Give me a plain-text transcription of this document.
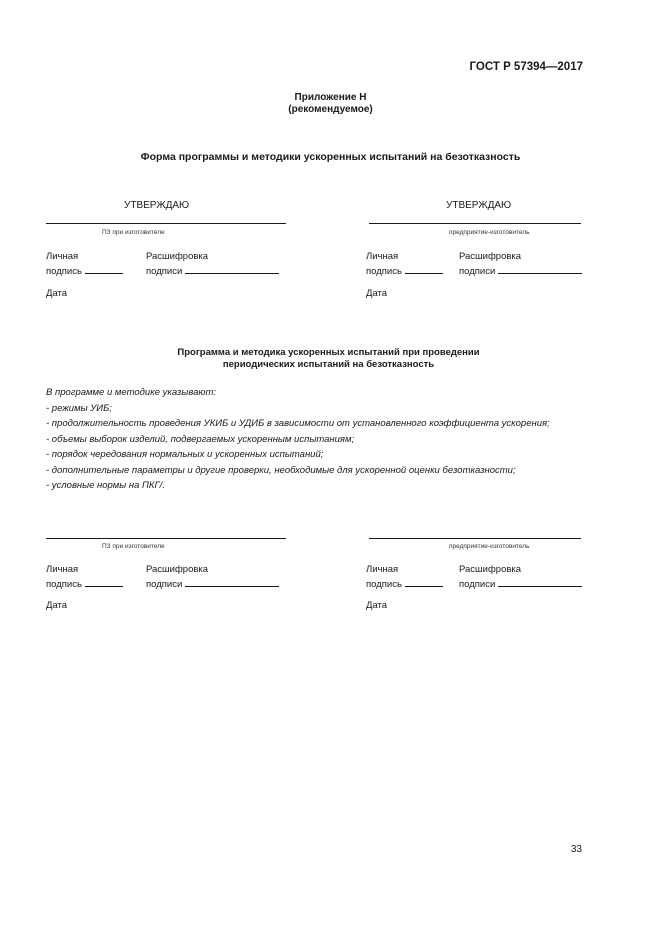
ГОСТ Р 57394—2017
Приложение Н
(рекомендуемое)
Форма программы и методики ускоренных испытаний на безотказность
УТВЕРЖДАЮ
ПЗ при изготовителе
Личная
подпись
Расшифровка
подписи
Дата
УТВЕРЖДАЮ
предприятие-изготовитель
Личная
подпись
Расшифровка
подписи
Дата
Программа и методика ускоренных испытаний при проведении
периодических испытаний на безотказность
В программе и методике указывают:
- режимы УИБ;
- продолжительность проведения УКИБ и УДИБ в зависимости от установленного коэффициента ускорения;
- объемы выборок изделий, подвергаемых ускоренным испытаниям;
- порядок чередования нормальных и ускоренных испытаний;
- дополнительные параметры и другие проверки, необходимые для ускоренной оценки безотказности;
- условные нормы на ПКГ/.
ПЗ при изготовителе
Личная
подпись
Расшифровка
подписи
Дата
предприятие-изготовитель
Личная
подпись
Расшифровка
подписи
Дата
33
